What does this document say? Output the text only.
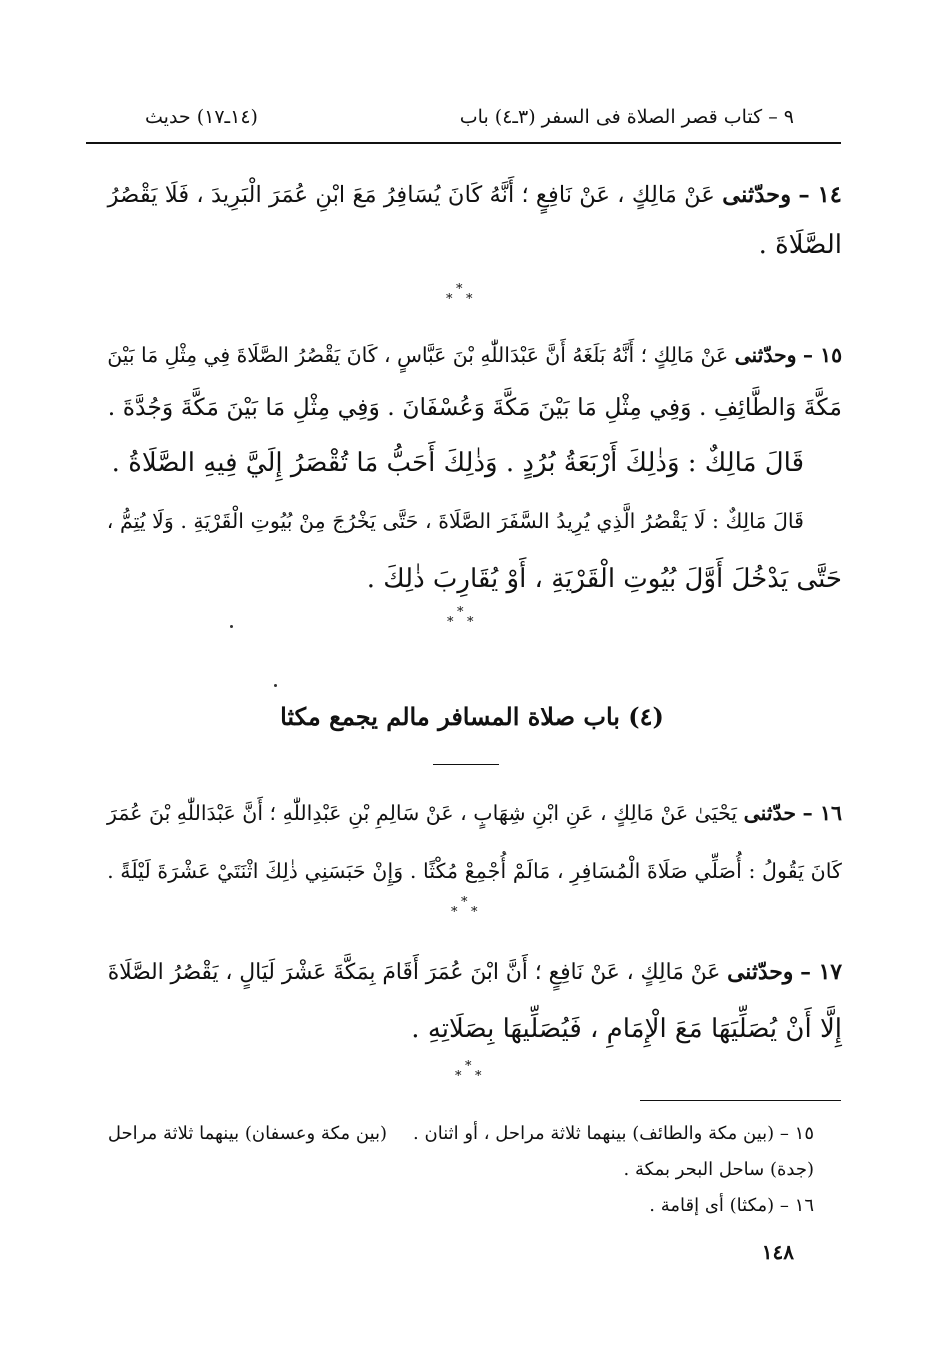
٩ – كتاب قصر الصلاة فى السفر (٣ـ٤) باب
(١٤ـ١٧) حديث
١٤ – وحدّثنى عَنْ مَالِكٍ ، عَنْ نَافِعٍ ؛ أَنَّهُ كَانَ يُسَافِرُ مَعَ ابْنِ عُمَرَ الْبَرِيدَ ، فَلَا يَقْصُرُ
الصَّلَاةَ .
*
* *
١٥ – وحدّثنى عَنْ مَالِكٍ ؛ أَنَّهُ بَلَغَهُ أَنَّ عَبْدَاللّٰهِ بْنَ عَبَّاسٍ ، كَانَ يَقْصُرُ الصَّلَاةَ فِي مِثْلِ مَا بَيْنَ
مَكَّةَ وَالطَّائِفِ . وَفِي مِثْلِ مَا بَيْنَ مَكَّةَ وَعُسْفَانَ . وَفِي مِثْلِ مَا بَيْنَ مَكَّةَ وَجُدَّةَ .
قَالَ مَالِكٌ : وَذٰلِكَ أَرْبَعَةُ بُرُدٍ . وَذٰلِكَ أَحَبُّ مَا تُقْصَرُ إِلَيَّ فِيهِ الصَّلَاةُ .
قَالَ مَالِكٌ : لَا يَقْصُرُ الَّذِي يُرِيدُ السَّفَرَ الصَّلَاةَ ، حَتَّى يَخْرُجَ مِنْ بُيُوتِ الْقَرْيَةِ . وَلَا يُتِمُّ ،
حَتَّى يَدْخُلَ أَوَّلَ بُيُوتِ الْقَرْيَةِ ، أَوْ يُقَارِبَ ذٰلِكَ .
*
* *
(٤) باب صلاة المسافر مالم يجمع مكثا
١٦ – حدّثنى يَحْيَىٰ عَنْ مَالِكٍ ، عَنِ ابْنِ شِهَابٍ ، عَنْ سَالِمِ بْنِ عَبْدِاللّٰهِ ؛ أَنَّ عَبْدَاللّٰهِ بْنَ عُمَرَ
كَانَ يَقُولُ : أُصَلِّي صَلَاةَ الْمُسَافِرِ ، مَالَمْ أُجْمِعْ مُكْثًا . وَإِنْ حَبَسَنِي ذٰلِكَ اثْنَتَيْ عَشْرَةَ لَيْلَةً .
*
* *
١٧ – وحدّثنى عَنْ مَالِكٍ ، عَنْ نَافِعٍ ؛ أَنَّ ابْنَ عُمَرَ أَقَامَ بِمَكَّةَ عَشْرَ لَيَالٍ ، يَقْصُرُ الصَّلَاةَ
إِلَّا أَنْ يُصَلِّيَهَا مَعَ الْإِمَامِ ، فَيُصَلِّيهَا بِصَلَاتِهِ .
*
* *
١٥ – (بين مكة والطائف) بينهما ثلاثة مراحل ، أو اثنان .(بين مكة وعسفان) بينهما ثلاثة مراحل
(جدة) ساحل البحر بمكة .
١٦ – (مكثا) أى إقامة .
١٤٨
